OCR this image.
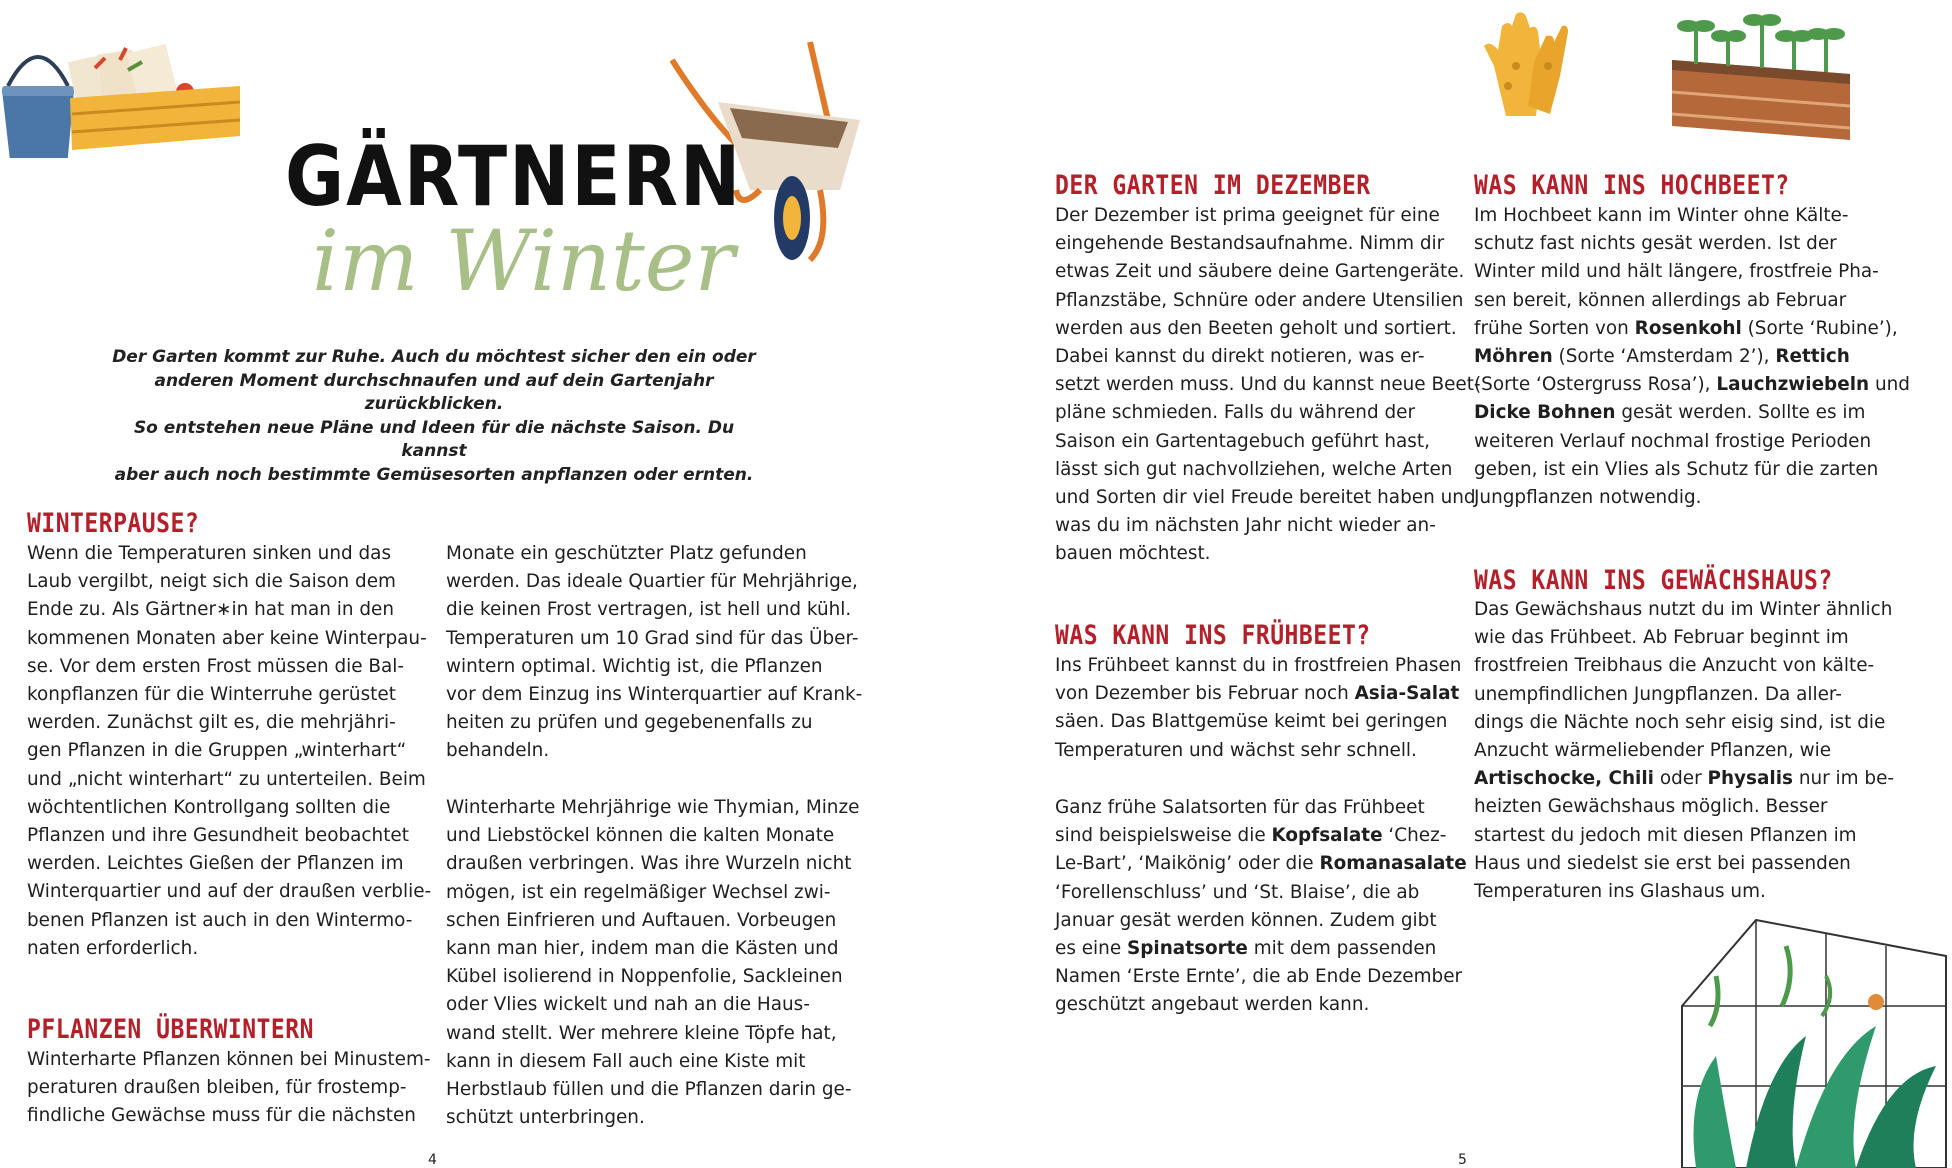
GÄRTNERN
im Winter
Der Garten kommt zur Ruhe. Auch du möchtest sicher den ein oder
anderen Moment durchschnaufen und auf dein Gartenjahr zurückblicken.
So entstehen neue Pläne und Ideen für die nächste Saison. Du kannst
aber auch noch bestimmte Gemüsesorten anpflanzen oder ernten.
WINTERPAUSE?
Wenn die Temperaturen sinken und das
Laub vergilbt, neigt sich die Saison dem
Ende zu. Als Gärtner∗in hat man in den
kommenen Monaten aber keine Winterpau-
se. Vor dem ersten Frost müssen die Bal-
konpflanzen für die Winterruhe gerüstet
werden. Zunächst gilt es, die mehrjähri-
gen Pflanzen in die Gruppen „winterhart“
und „nicht winterhart“ zu unterteilen. Beim
wöchtentlichen Kontrollgang sollten die
Pflanzen und ihre Gesundheit beobachtet
werden. Leichtes Gießen der Pflanzen im
Winterquartier und auf der draußen verblie-
benen Pflanzen ist auch in den Wintermo-
naten erforderlich.
PFLANZEN ÜBERWINTERN
Winterharte Pflanzen können bei Minustem-
peraturen draußen bleiben, für frostemp-
findliche Gewächse muss für die nächsten
Monate ein geschützter Platz gefunden
werden. Das ideale Quartier für Mehrjährige,
die keinen Frost vertragen, ist hell und kühl.
Temperaturen um 10 Grad sind für das Über-
wintern optimal. Wichtig ist, die Pflanzen
vor dem Einzug ins Winterquartier auf Krank-
heiten zu prüfen und gegebenenfalls zu
behandeln.
Winterharte Mehrjährige wie Thymian, Minze
und Liebstöckel können die kalten Monate
draußen verbringen. Was ihre Wurzeln nicht
mögen, ist ein regelmäßiger Wechsel zwi-
schen Einfrieren und Auftauen. Vorbeugen
kann man hier, indem man die Kästen und
Kübel isolierend in Noppenfolie, Sackleinen
oder Vlies wickelt und nah an die Haus-
wand stellt. Wer mehrere kleine Töpfe hat,
kann in diesem Fall auch eine Kiste mit
Herbstlaub füllen und die Pflanzen darin ge-
schützt unterbringen.
4
DER GARTEN IM DEZEMBER
Der Dezember ist prima geeignet für eine
eingehende Bestandsaufnahme. Nimm dir
etwas Zeit und säubere deine Gartengeräte.
Pflanzstäbe, Schnüre oder andere Utensilien
werden aus den Beeten geholt und sortiert.
Dabei kannst du direkt notieren, was er-
setzt werden muss. Und du kannst neue Beet-
pläne schmieden. Falls du während der
Saison ein Gartentagebuch geführt hast,
lässt sich gut nachvollziehen, welche Arten
und Sorten dir viel Freude bereitet haben und
was du im nächsten Jahr nicht wieder an-
bauen möchtest.
WAS KANN INS FRÜHBEET?
Ins Frühbeet kannst du in frostfreien Phasen
von Dezember bis Februar noch Asia-Salat
säen. Das Blattgemüse keimt bei geringen
Temperaturen und wächst sehr schnell.
Ganz frühe Salatsorten für das Frühbeet
sind beispielsweise die Kopfsalate ‘Chez-
Le-Bart’, ‘Maikönig’ oder die Romanasalate
‘Forellenschluss’ und ‘St. Blaise’, die ab
Januar gesät werden können. Zudem gibt
es eine Spinatsorte mit dem passenden
Namen ‘Erste Ernte’, die ab Ende Dezember
geschützt angebaut werden kann.
WAS KANN INS HOCHBEET?
Im Hochbeet kann im Winter ohne Kälte-
schutz fast nichts gesät werden. Ist der
Winter mild und hält längere, frostfreie Pha-
sen bereit, können allerdings ab Februar
frühe Sorten von Rosenkohl (Sorte ‘Rubine’),
Möhren (Sorte ‘Amsterdam 2’), Rettich
(Sorte ‘Ostergruss Rosa’), Lauchzwiebeln und
Dicke Bohnen gesät werden. Sollte es im
weiteren Verlauf nochmal frostige Perioden
geben, ist ein Vlies als Schutz für die zarten
Jungpflanzen notwendig.
WAS KANN INS GEWÄCHSHAUS?
Das Gewächshaus nutzt du im Winter ähnlich
wie das Frühbeet. Ab Februar beginnt im
frostfreien Treibhaus die Anzucht von kälte-
unempfindlichen Jungpflanzen. Da aller-
dings die Nächte noch sehr eisig sind, ist die
Anzucht wärmeliebender Pflanzen, wie
Artischocke, Chili oder Physalis nur im be-
heizten Gewächshaus möglich. Besser
startest du jedoch mit diesen Pflanzen im
Haus und siedelst sie erst bei passenden
Temperaturen ins Glashaus um.
5
